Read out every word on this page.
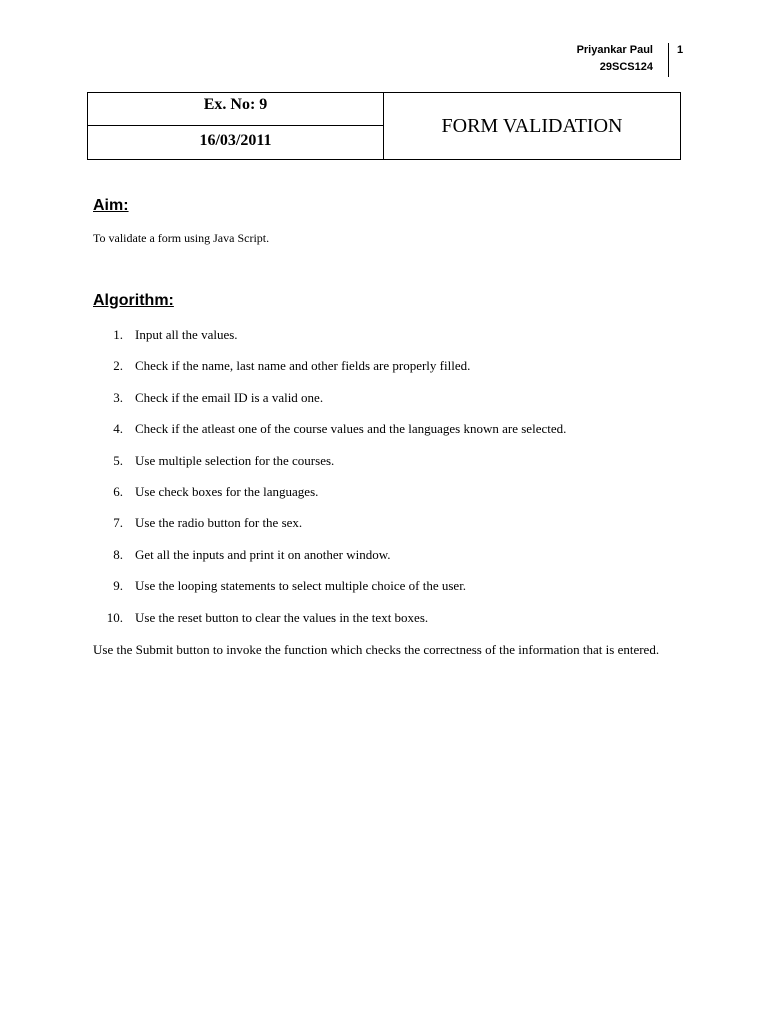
Priyankar Paul
29SCS124
1
Ex. No: 9
16/03/2011
FORM VALIDATION
Aim:
To validate a form using Java Script.
Algorithm:
1. Input all the values.
2. Check if the name, last name and other fields are properly filled.
3. Check if the email ID is a valid one.
4. Check if the atleast one of the course values and the languages known are selected.
5. Use multiple selection for the courses.
6. Use check boxes for the languages.
7. Use the radio button for the sex.
8. Get all the inputs and print it on another window.
9. Use the looping statements to select multiple choice of the user.
10. Use the reset button to clear the values in the text boxes.
Use the Submit button to invoke the function which checks the correctness of the information that is entered.
